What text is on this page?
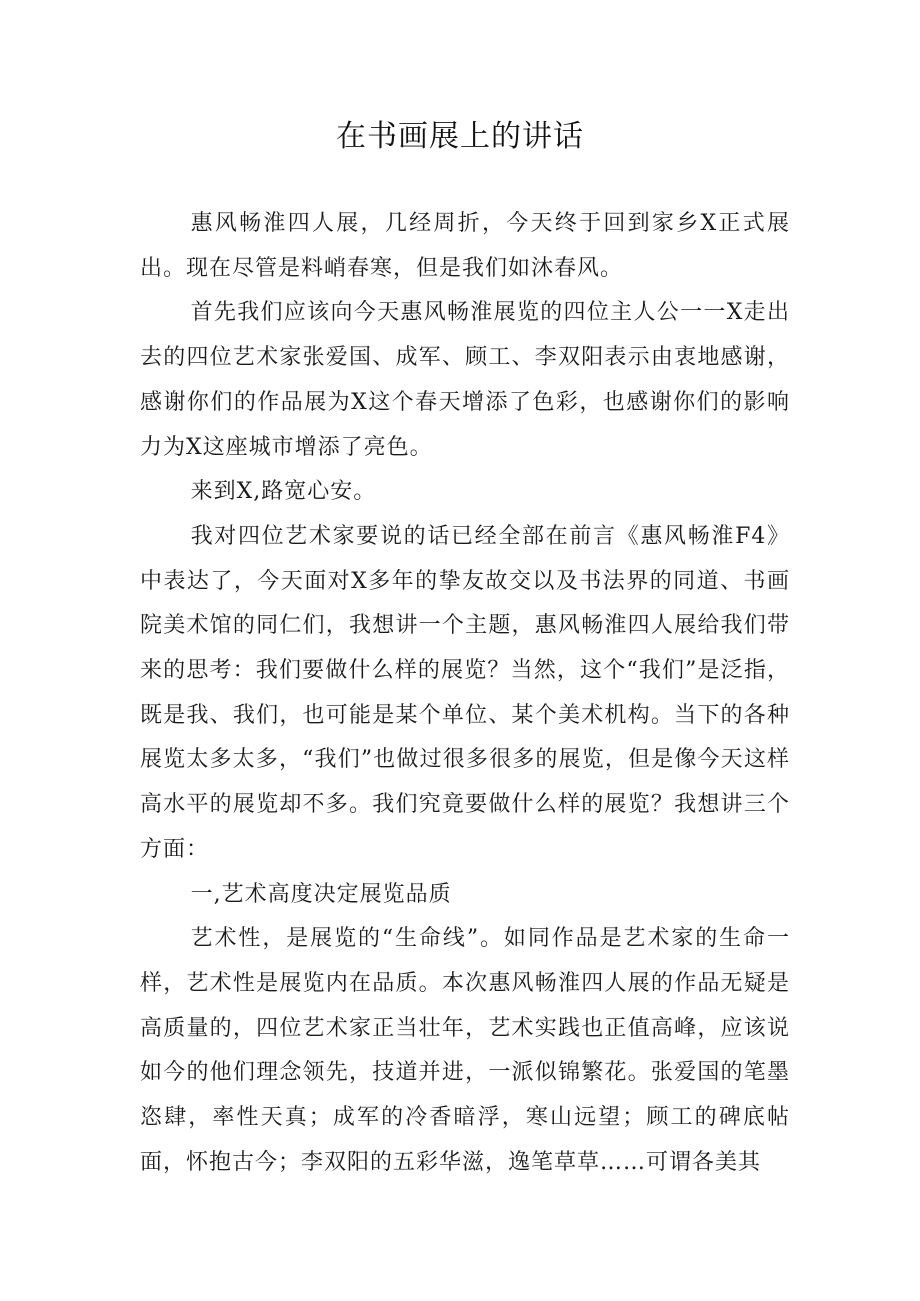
在书画展上的讲话

惠风畅淮四人展，几经周折，今天终于回到家乡X正式展出。现在尽管是料峭春寒，但是我们如沐春风。

首先我们应该向今天惠风畅淮展览的四位主人公一一X走出去的四位艺术家张爱国、成军、顾工、李双阳表示由衷地感谢，感谢你们的作品展为X这个春天增添了色彩，也感谢你们的影响力为X这座城市增添了亮色。

来到X,路宽心安。

我对四位艺术家要说的话已经全部在前言《惠风畅淮F4》中表达了，今天面对X多年的挚友故交以及书法界的同道、书画院美术馆的同仁们，我想讲一个主题，惠风畅淮四人展给我们带来的思考：我们要做什么样的展览？当然，这个“我们”是泛指，既是我、我们，也可能是某个单位、某个美术机构。当下的各种展览太多太多，“我们”也做过很多很多的展览，但是像今天这样高水平的展览却不多。我们究竟要做什么样的展览？我想讲三个方面：

一,艺术高度决定展览品质

艺术性，是展览的“生命线”。如同作品是艺术家的生命一样，艺术性是展览内在品质。本次惠风畅淮四人展的作品无疑是高质量的，四位艺术家正当壮年，艺术实践也正值高峰，应该说如今的他们理念领先，技道并进，一派似锦繁花。张爱国的笔墨恣肆，率性天真；成军的冷香暗浮，寒山远望；顾工的碑底帖面，怀抱古今；李双阳的五彩华滋，逸笔草草……可谓各美其
